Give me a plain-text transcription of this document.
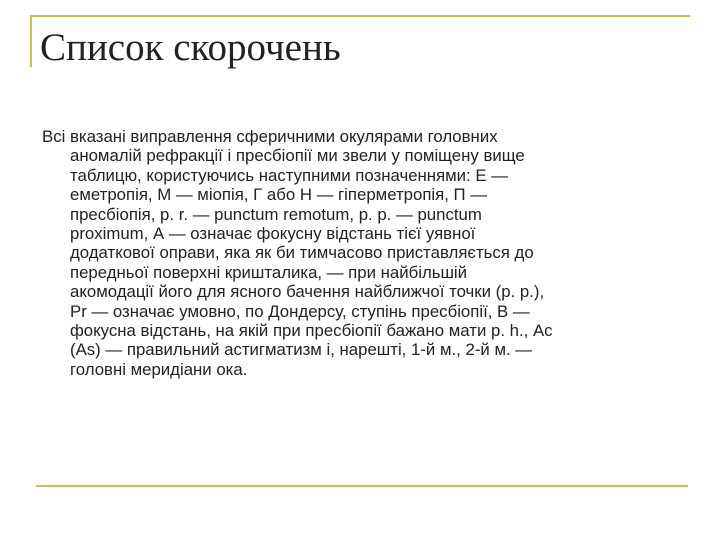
Список скорочень
Всі вказані виправлення сферичними окулярами головних
аномалій рефракції і пресбіопії ми звели у поміщену вище
таблицю, користуючись наступними позначеннями: Е —
еметропія, М — міопія, Г або Н — гіперметропія, П —
пресбіопія, p. r. — punctum remotum, p. p. — punctum
proximum, А — означає фокусну відстань тієї уявної
додаткової оправи, яка як би тимчасово приставляється до
передньої поверхні кришталика, — при найбільшій
акомодації його для ясного бачення найближчої точки (р. р.),
Pr — означає умовно, по Дондерсу, ступінь пресбіопії, В —
фокусна відстань, на якій при пресбіопії бажано мати р. h., Ас
(As) — правильний астигматизм і, нарешті, 1-й м., 2-й м. —
головні меридіани ока.
